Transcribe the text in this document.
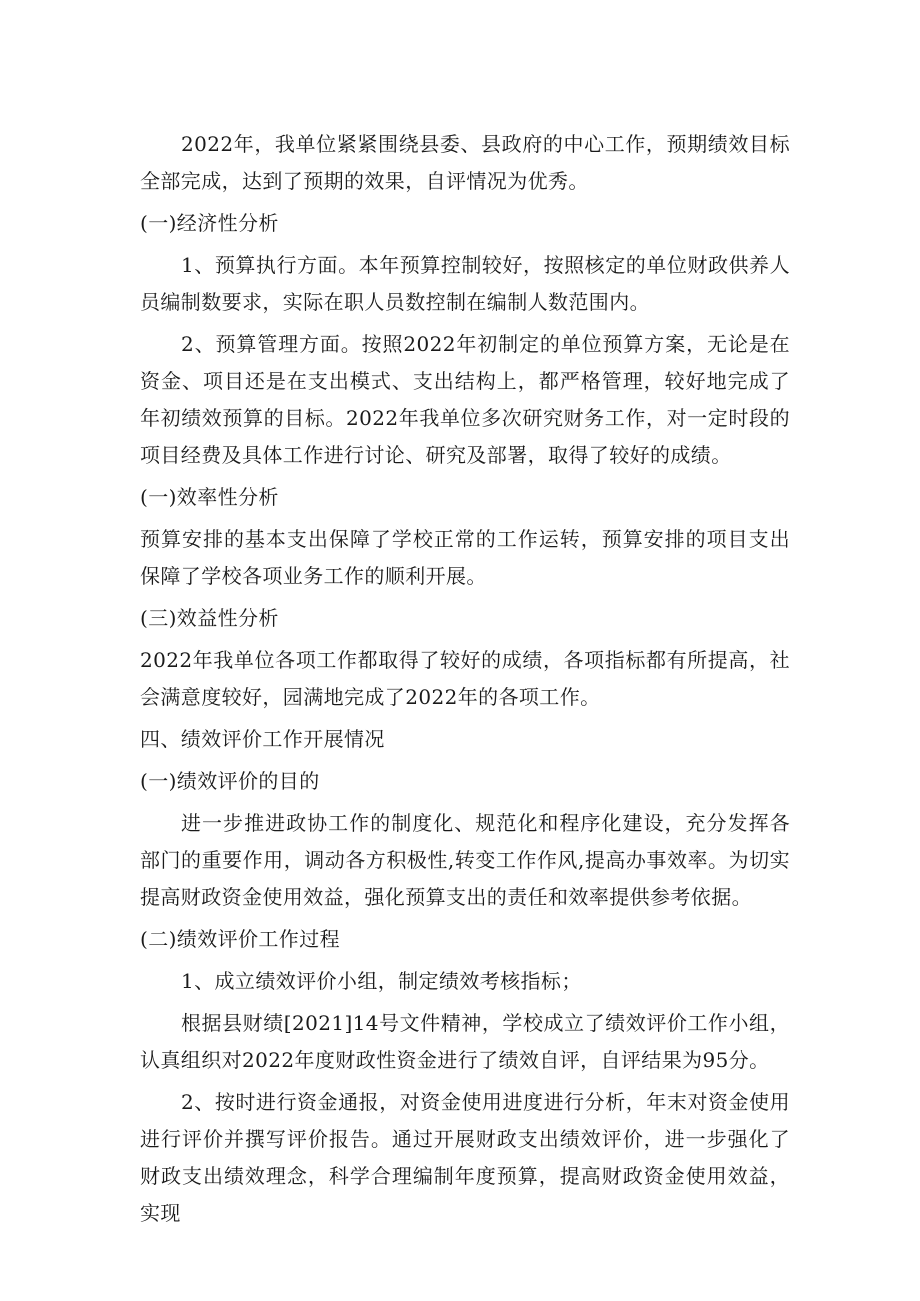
2022年，我单位紧紧围绕县委、县政府的中心工作，预期绩效目标全部完成，达到了预期的效果，自评情况为优秀。

(一)经济性分析

1、预算执行方面。本年预算控制较好，按照核定的单位财政供养人员编制数要求，实际在职人员数控制在编制人数范围内。

2、预算管理方面。按照2022年初制定的单位预算方案，无论是在资金、项目还是在支出模式、支出结构上，都严格管理，较好地完成了年初绩效预算的目标。2022年我单位多次研究财务工作，对一定时段的项目经费及具体工作进行讨论、研究及部署，取得了较好的成绩。

(一)效率性分析

预算安排的基本支出保障了学校正常的工作运转，预算安排的项目支出保障了学校各项业务工作的顺利开展。

(三)效益性分析

2022年我单位各项工作都取得了较好的成绩，各项指标都有所提高，社会满意度较好，园满地完成了2022年的各项工作。

四、绩效评价工作开展情况

(一)绩效评价的目的

进一步推进政协工作的制度化、规范化和程序化建设，充分发挥各部门的重要作用，调动各方积极性,转变工作作风,提高办事效率。为切实提高财政资金使用效益，强化预算支出的责任和效率提供参考依据。

(二)绩效评价工作过程

1、成立绩效评价小组，制定绩效考核指标；

根据县财绩[2021]14号文件精神，学校成立了绩效评价工作小组，认真组织对2022年度财政性资金进行了绩效自评，自评结果为95分。

2、按时进行资金通报，对资金使用进度进行分析，年末对资金使用进行评价并撰写评价报告。通过开展财政支出绩效评价，进一步强化了财政支出绩效理念，科学合理编制年度预算，提高财政资金使用效益，实现
